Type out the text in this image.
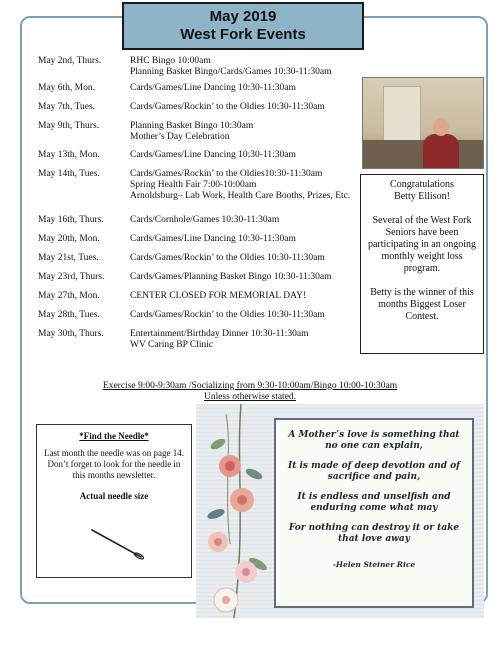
May 2019
West Fork Events
May 2nd, Thurs.	RHC Bingo 10:00am
Planning Basket Bingo/Cards/Games 10:30-11:30am
May 6th, Mon.	Cards/Games/Line Dancing 10:30-11:30am
May 7th, Tues.	Cards/Games/Rockin’ to the Oldies 10:30-11:30am
May 9th, Thurs.	Planning Basket Bingo 10:30am
Mother’s Day Celebration
May 13th, Mon.	Cards/Games/Line Dancing 10:30-11:30am
May 14th, Tues.	Cards/Games/Rockin’ to the Oldies10:30-11:30am
Spring Health Fair 7:00-10:00am
Arnoldsburg– Lab Work, Health Care Booths, Prizes, Etc.
May 16th, Thurs.	Cards/Cornhole/Games 10:30-11:30am
May 20th, Mon.	Cards/Games/Line Dancing 10:30-11:30am
May 21st, Tues.	Cards/Games/Rockin’ to the Oldies 10:30-11:30am
May 23rd, Thurs.	Cards/Games/Planning Basket Bingo 10:30-11:30am
May 27th, Mon.	CENTER CLOSED FOR MEMORIAL DAY!
May 28th, Tues.	Cards/Games/Rockin’ to the Oldies 10:30-11:30am
May 30th, Thurs.	Entertainment/Birthday Dinner 10:30-11:30am
WV Caring BP Clinic

Congratulations
Betty Ellison!

Several of the West Fork Seniors have been participating in an ongoing monthly weight loss program.

Betty is the winner of this months Biggest Loser Contest.

Exercise 9:00-9:30am /Socializing from 9:30-10:00am/Bingo 10:00-10:30am
Unless otherwise stated.
*Find the Needle*
Last month the needle was on page 14. Don’t forget to look for the needle in this months newsletter.
Actual needle size

A Mother’s love is something that no one can explain,

It is made of deep devotion and of sacrifice and pain,

It is endless and unselfish and enduring come what may

For nothing can destroy it or take that love away

-Helen Steiner Rice
